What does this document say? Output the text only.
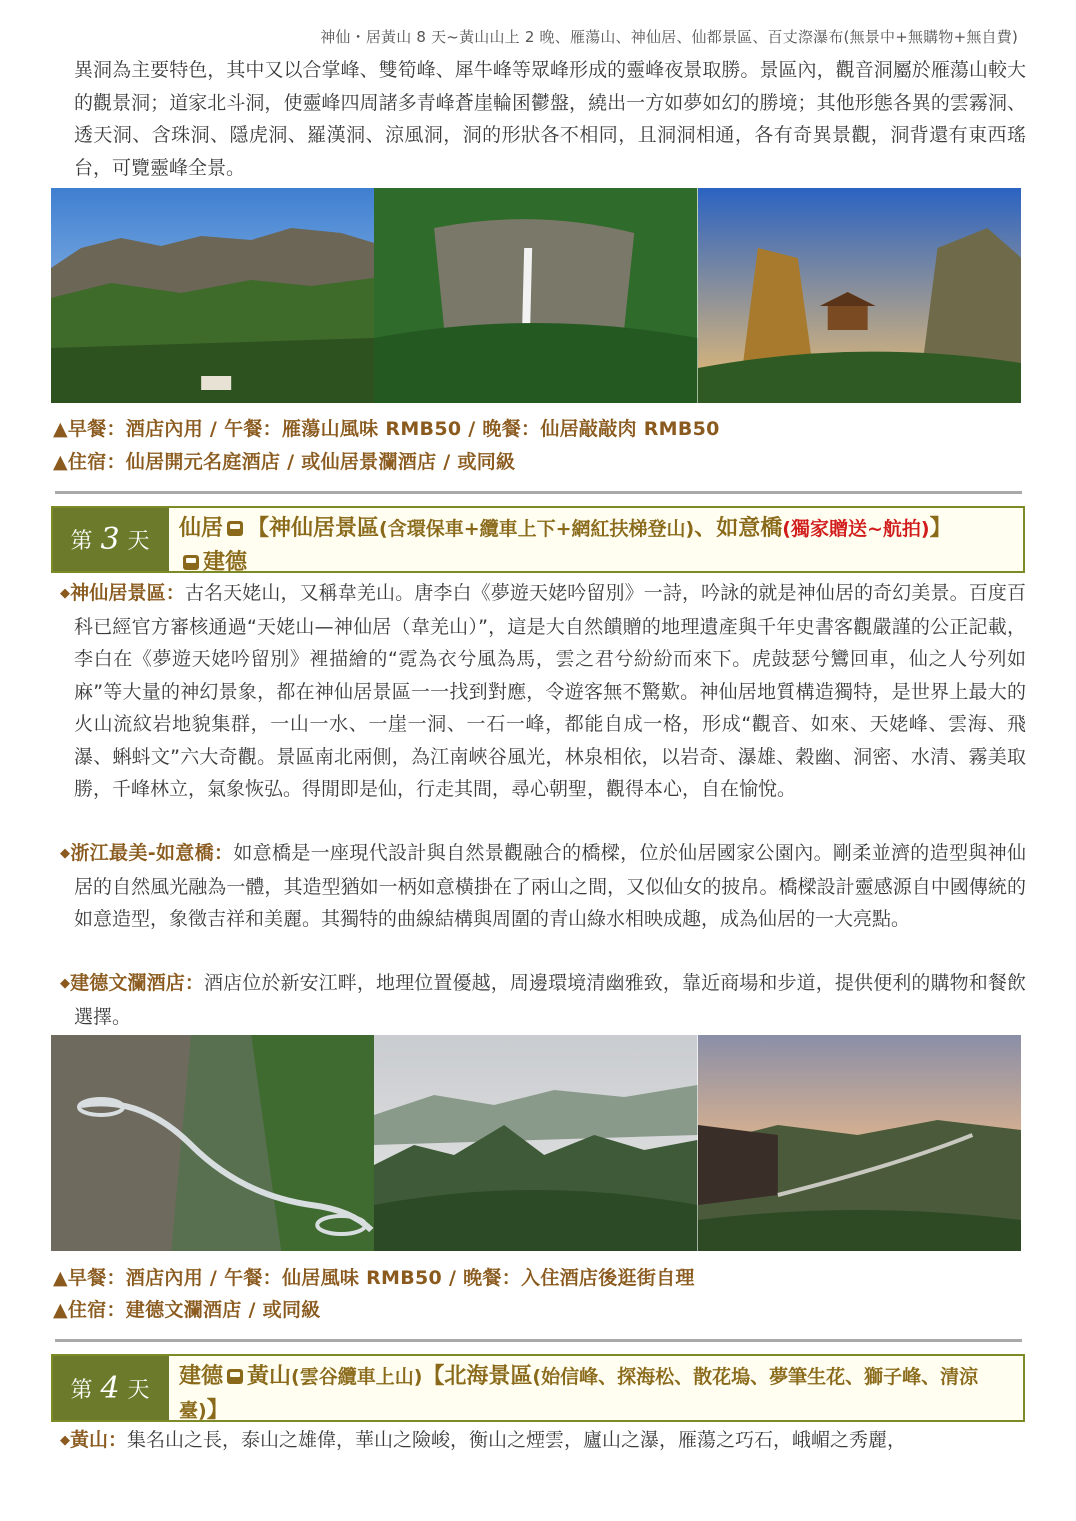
神仙・居黃山 8 天~黃山山上 2 晚、雁蕩山、神仙居、仙都景區、百丈漈瀑布(無景中+無購物+無自費)

異洞為主要特色，其中又以合掌峰、雙筍峰、犀牛峰等眾峰形成的靈峰夜景取勝。景區內，觀音洞屬於雁蕩山較大的觀景洞；道家北斗洞，使靈峰四周諸多青峰蒼崖輪囷鬱盤，繞出一方如夢如幻的勝境；其他形態各異的雲霧洞、透天洞、含珠洞、隱虎洞、羅漢洞、涼風洞，洞的形狀各不相同，且洞洞相通，各有奇異景觀，洞背還有東西瑤台，可覽靈峰全景。

▲早餐：酒店內用 / 午餐：雁蕩山風味 RMB50 / 晚餐：仙居敲敲肉 RMB50
▲住宿：仙居開元名庭酒店 / 或仙居景瀾酒店 / 或同級
第 3 天
仙居 【神仙居景區(含環保車+纜車上下+網紅扶梯登山)、如意橋(獨家贈送~航拍)】
建德

◆神仙居景區：古名天姥山，又稱韋羌山。唐李白《夢遊天姥吟留別》一詩，吟詠的就是神仙居的奇幻美景。百度百科已經官方審核通過“天姥山—神仙居（韋羌山）”，這是大自然饋贈的地理遺產與千年史書客觀嚴謹的公正記載，李白在《夢遊天姥吟留別》裡描繪的“霓為衣兮風為馬，雲之君兮紛紛而來下。虎鼓瑟兮鸞回車，仙之人兮列如麻”等大量的神幻景象，都在神仙居景區一一找到對應，令遊客無不驚歎。神仙居地質構造獨特，是世界上最大的火山流紋岩地貌集群，一山一水、一崖一洞、一石一峰，都能自成一格，形成“觀音、如來、天姥峰、雲海、飛瀑、蝌蚪文”六大奇觀。景區南北兩側，為江南峽谷風光，林泉相依，以岩奇、瀑雄、穀幽、洞密、水清、霧美取勝，千峰林立，氣象恢弘。得閒即是仙，行走其間，尋心朝聖，觀得本心，自在愉悅。

◆浙江最美-如意橋：如意橋是一座現代設計與自然景觀融合的橋樑，位於仙居國家公園內。剛柔並濟的造型與神仙居的自然風光融為一體，其造型猶如一柄如意橫掛在了兩山之間，又似仙女的披帛。橋樑設計靈感源自中國傳統的如意造型，象徵吉祥和美麗。其獨特的曲線結構與周圍的青山綠水相映成趣，成為仙居的一大亮點。

◆建德文瀾酒店：酒店位於新安江畔，地理位置優越，周邊環境清幽雅致，靠近商場和步道，提供便利的購物和餐飲選擇。

▲早餐：酒店內用 / 午餐：仙居風味 RMB50 / 晚餐：入住酒店後逛街自理
▲住宿：建德文瀾酒店 / 或同級
第 4 天
建德 黃山(雲谷纜車上山)【北海景區(始信峰、探海松、散花塢、夢筆生花、獅子峰、清涼臺)】

◆黃山：集名山之長，泰山之雄偉，華山之險峻，衡山之煙雲，廬山之瀑，雁蕩之巧石，峨嵋之秀麗，
